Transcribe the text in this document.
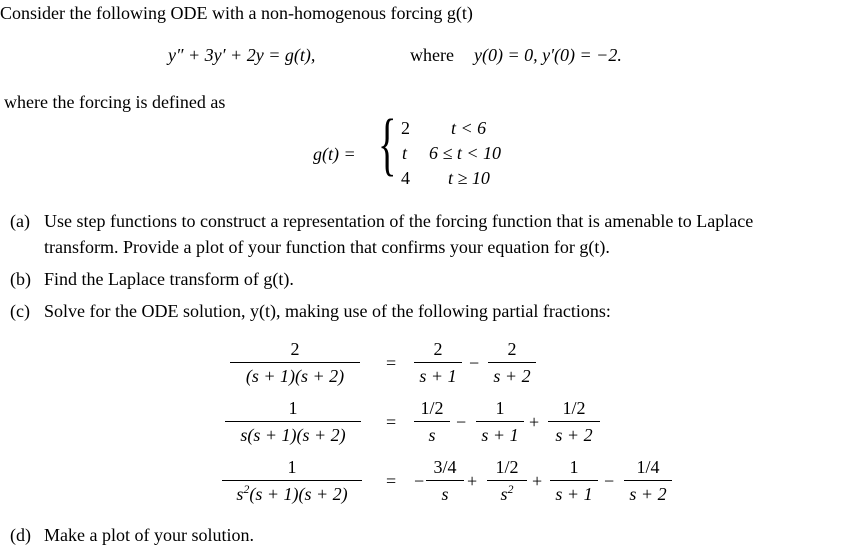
Consider the following ODE with a non-homogenous forcing g(t)
y″ + 3y′ + 2y = g(t),	where y(0) = 0, y′(0) = −2.
where the forcing is defined as
g(t) = { 2 t < 6
t 6 ≤ t < 10
4 t ≥ 10
(a) Use step functions to construct a representation of the forcing function that is amenable to Laplace
transform. Provide a plot of your function that confirms your equation for g(t).
(b) Find the Laplace transform of g(t).
(c) Solve for the ODE solution, y(t), making use of the following partial fractions:
2
(s + 1)(s + 2)
=
2
s + 1
−
2
s + 2
1
s(s + 1)(s + 2)
=
1/2
s
−
1
s + 1
+
1/2
s + 2
1
$s^2(s + 1)(s + 2)$
= −
3/4
s
+
1/2
$s^2$	+
1
s + 1
−
1/4
s + 2
(d) Make a plot of your solution.
